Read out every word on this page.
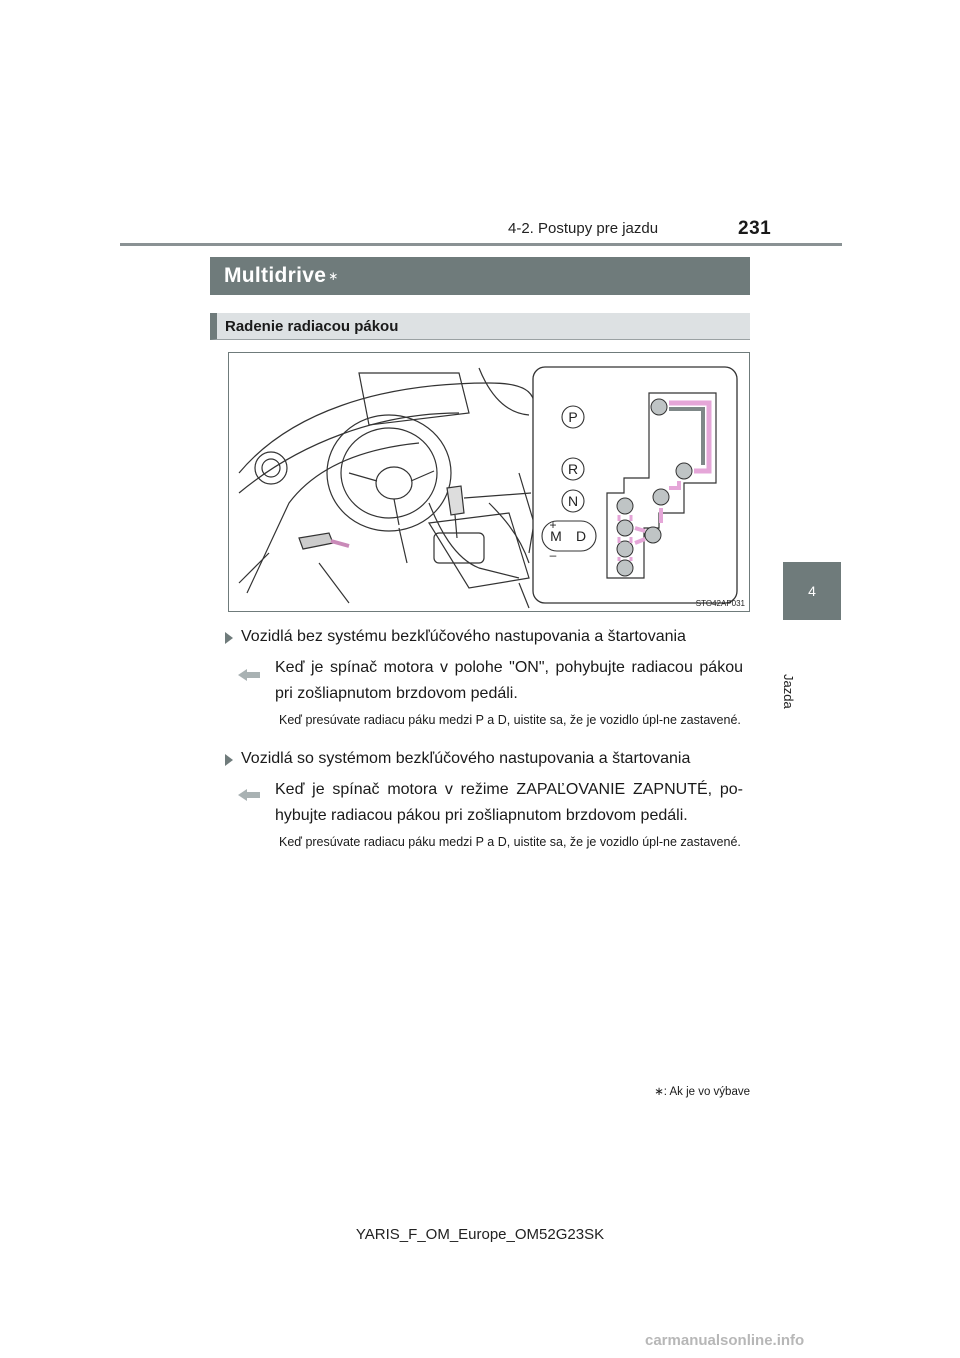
4-2. Postupy pre jazdu	231
4
Jazda
Multidrive ∗
Radenie radiacou pákou
P
R
N
M D
+
–
STO42AP031
Vozidlá bez systému bezkľúčového nastupovania a štartovania
Keď je spínač motora v polohe "ON", pohybujte radiacou pákou pri zošliapnutom brzdovom pedáli.
Keď presúvate radiacu páku medzi P a D, uistite sa, že je vozidlo úpl-ne zastavené.
Vozidlá so systémom bezkľúčového nastupovania a štartovania
Keď je spínač motora v režime ZAPAĽOVANIE ZAPNUTÉ, po-hybujte radiacou pákou pri zošliapnutom brzdovom pedáli.
Keď presúvate radiacu páku medzi P a D, uistite sa, že je vozidlo úpl-ne zastavené.
∗: Ak je vo výbave
YARIS_F_OM_Europe_OM52G23SK
carmanualsonline.info
